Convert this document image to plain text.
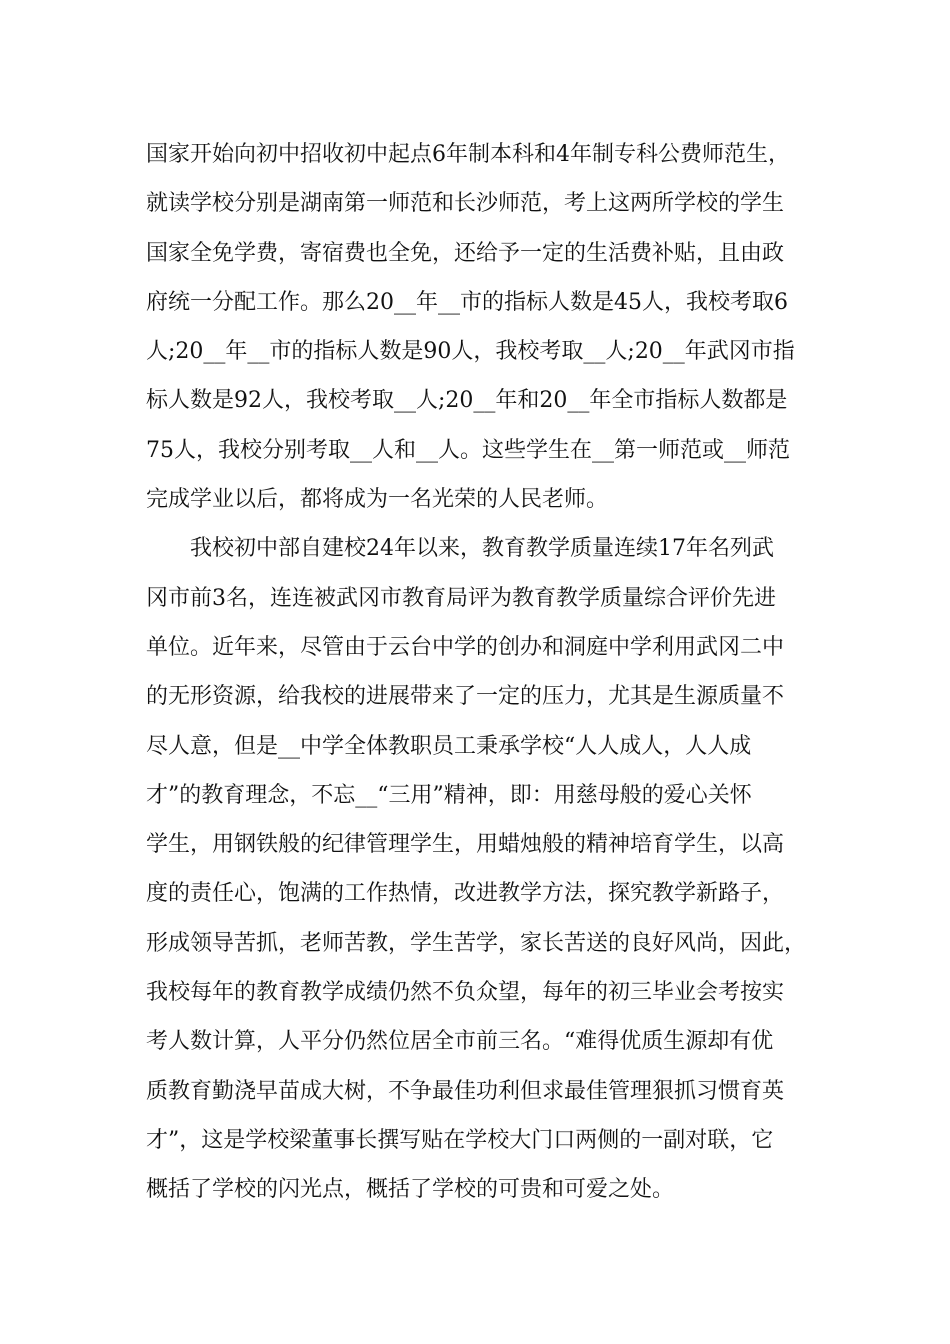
国家开始向初中招收初中起点6年制本科和4年制专科公费师范生，
就读学校分别是湖南第一师范和长沙师范，考上这两所学校的学生
国家全免学费，寄宿费也全免，还给予一定的生活费补贴，且由政
府统一分配工作。那么20__年__市的指标人数是45人，我校考取6
人;20__年__市的指标人数是90人，我校考取__人;20__年武冈市指
标人数是92人，我校考取__人;20__年和20__年全市指标人数都是
75人，我校分别考取__人和__人。这些学生在__第一师范或__师范
完成学业以后，都将成为一名光荣的人民老师。
我校初中部自建校24年以来，教育教学质量连续17年名列武
冈市前3名，连连被武冈市教育局评为教育教学质量综合评价先进
单位。近年来，尽管由于云台中学的创办和洞庭中学利用武冈二中
的无形资源，给我校的进展带来了一定的压力，尤其是生源质量不
尽人意，但是__中学全体教职员工秉承学校“人人成人，人人成
才”的教育理念，不忘__“三用”精神，即：用慈母般的爱心关怀
学生，用钢铁般的纪律管理学生，用蜡烛般的精神培育学生，以高
度的责任心，饱满的工作热情，改进教学方法，探究教学新路子，
形成领导苦抓，老师苦教，学生苦学，家长苦送的良好风尚，因此，
我校每年的教育教学成绩仍然不负众望，每年的初三毕业会考按实
考人数计算，人平分仍然位居全市前三名。“难得优质生源却有优
质教育勤浇早苗成大树，不争最佳功利但求最佳管理狠抓习惯育英
才”，这是学校梁董事长撰写贴在学校大门口两侧的一副对联，它
概括了学校的闪光点，概括了学校的可贵和可爱之处。
